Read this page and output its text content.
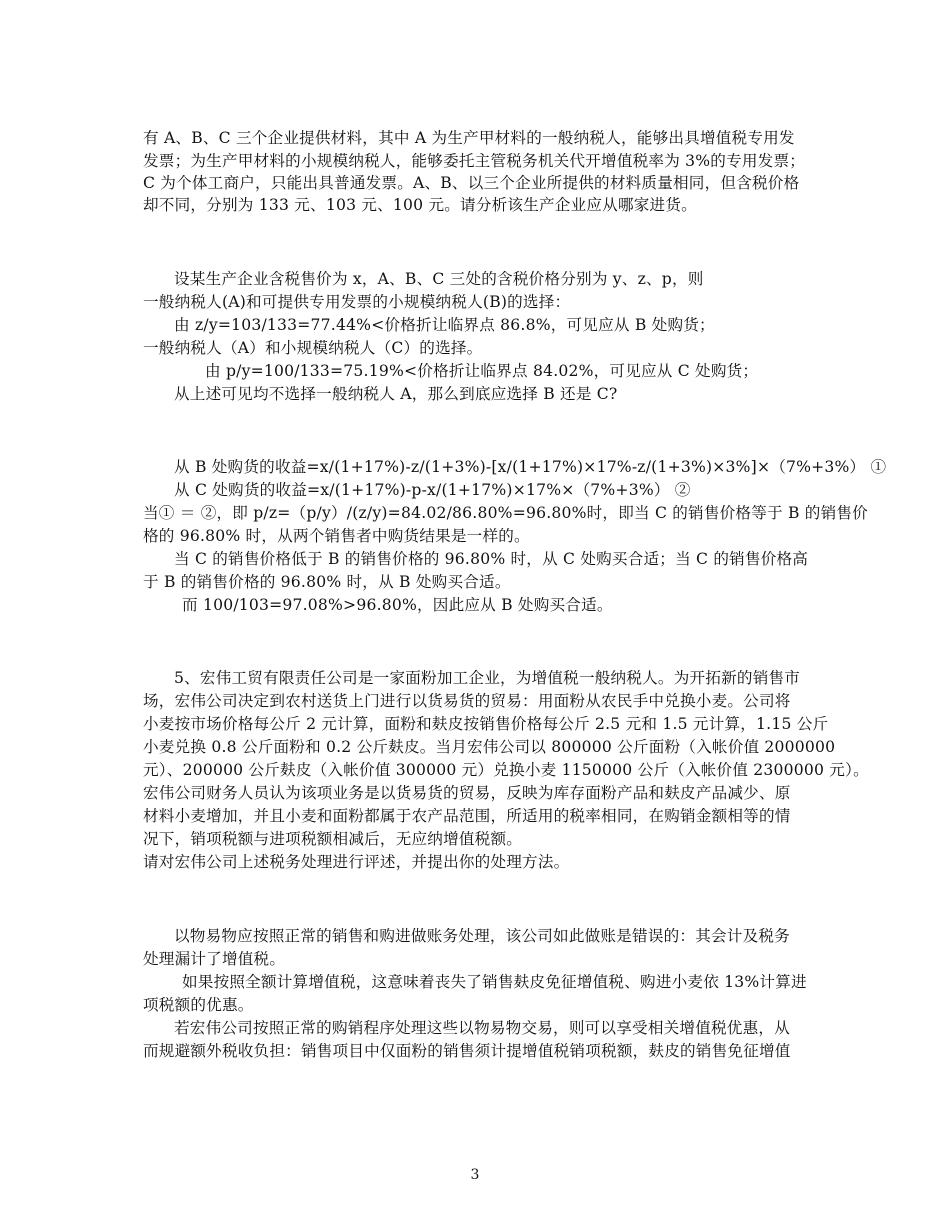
有 A、B、C 三个企业提供材料，其中 A 为生产甲材料的一般纳税人，能够出具增值税专用发
发票；为生产甲材料的小规模纳税人，能够委托主管税务机关代开增值税率为 3%的专用发票；
C 为个体工商户，只能出具普通发票。A、B、以三个企业所提供的材料质量相同，但含税价格
却不同，分别为 133 元、103 元、100 元。请分析该生产企业应从哪家进货。
设某生产企业含税售价为 x，A、B、C 三处的含税价格分别为 y、z、p，则
一般纳税人(A)和可提供专用发票的小规模纳税人(B)的选择：
由 z/y=103/133=77.44%<价格折让临界点 86.8%，可见应从 B 处购货；
一般纳税人（A）和小规模纳税人（C）的选择。
由 p/y=100/133=75.19%<价格折让临界点 84.02%，可见应从 C 处购货；
从上述可见均不选择一般纳税人 A，那么到底应选择 B 还是 C?
从 B 处购货的收益=x/(1+17%)-z/(1+3%)-[x/(1+17%)×17%-z/(1+3%)×3%]×（7%+3%） ①
从 C 处购货的收益=x/(1+17%)-p-x/(1+17%)×17%×（7%+3%） ②
当① ＝ ②，即 p/z=（p/y）/(z/y)=84.02/86.80%=96.80%时，即当 C 的销售价格等于 B 的销售价
格的 96.80% 时，从两个销售者中购货结果是一样的。
当 C 的销售价格低于 B 的销售价格的 96.80% 时，从 C 处购买合适；当 C 的销售价格高
于 B 的销售价格的 96.80% 时，从 B 处购买合适。
而 100/103=97.08%>96.80%，因此应从 B 处购买合适。
5、宏伟工贸有限责任公司是一家面粉加工企业，为增值税一般纳税人。为开拓新的销售市
场，宏伟公司决定到农村送货上门进行以货易货的贸易：用面粉从农民手中兑换小麦。公司将
小麦按市场价格每公斤 2 元计算，面粉和麸皮按销售价格每公斤 2.5 元和 1.5 元计算，1.15 公斤
小麦兑换 0.8 公斤面粉和 0.2 公斤麸皮。当月宏伟公司以 800000 公斤面粉（入帐价值 2000000
元）、200000 公斤麸皮（入帐价值 300000 元）兑换小麦 1150000 公斤（入帐价值 2300000 元）。
宏伟公司财务人员认为该项业务是以货易货的贸易，反映为库存面粉产品和麸皮产品减少、原
材料小麦增加，并且小麦和面粉都属于农产品范围，所适用的税率相同，在购销金额相等的情
况下，销项税额与进项税额相减后，无应纳增值税额。
请对宏伟公司上述税务处理进行评述，并提出你的处理方法。
以物易物应按照正常的销售和购进做账务处理，该公司如此做账是错误的：其会计及税务
处理漏计了增值税。
如果按照全额计算增值税，这意味着丧失了销售麸皮免征增值税、购进小麦依 13%计算进
项税额的优惠。
若宏伟公司按照正常的购销程序处理这些以物易物交易，则可以享受相关增值税优惠，从
而规避额外税收负担：销售项目中仅面粉的销售须计提增值税销项税额，麸皮的销售免征增值
3
